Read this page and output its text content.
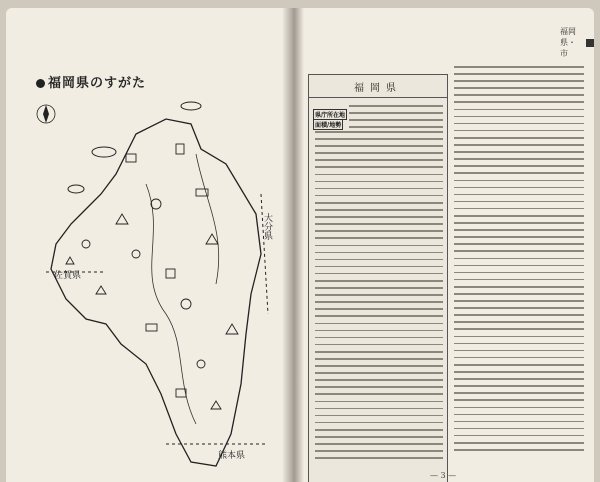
福岡県のすがた
佐賀県
大分県
熊本県
福岡県・市
福岡県
県庁所在地
面積/地勢
— 3 —
